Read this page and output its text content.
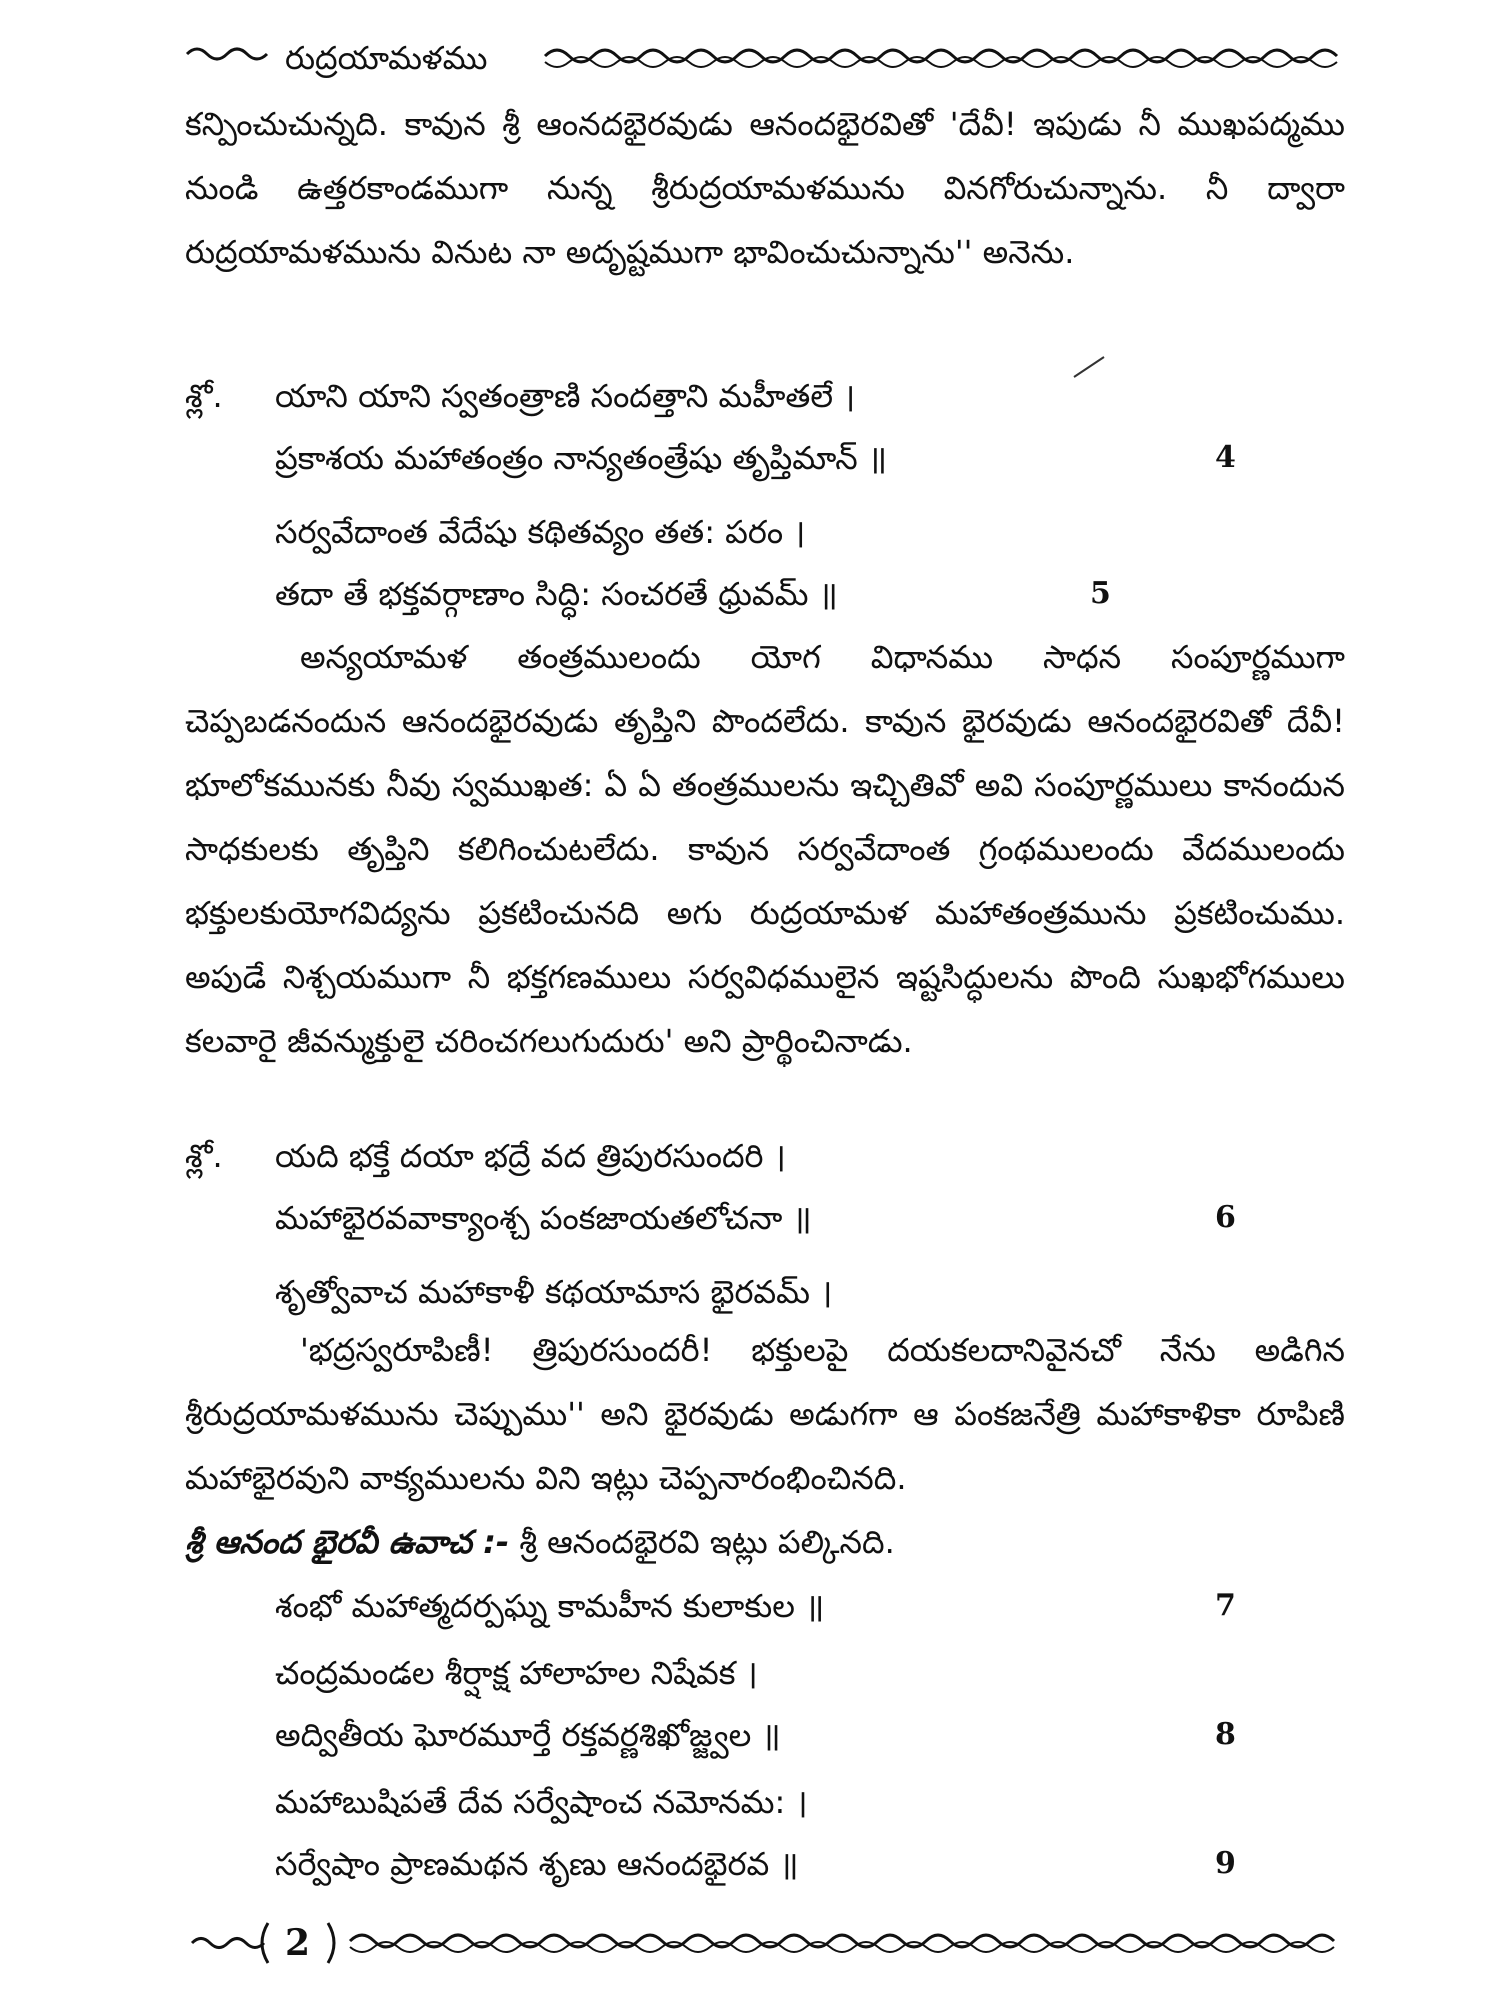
రుద్రయామళము

కన్పించుచున్నది. కావున శ్రీ ఆంనదభైరవుడు ఆనందభైరవితో 'దేవీ! ఇపుడు నీ ముఖపద్మము నుండి ఉత్తరకాండముగా నున్న శ్రీరుద్రయామళమును వినగోరుచున్నాను. నీ ద్వారా రుద్రయామళమును వినుట నా అదృష్టముగా భావించుచున్నాను'' అనెను.

శ్లో. యాని యాని స్వతంత్రాణి సందత్తాని మహీతలే ।
ప్రకాశయ మహాతంత్రం నాన్యతంత్రేషు తృప్తిమాన్ ॥	4
సర్వవేదాంత వేదేషు కథితవ్యం తత: పరం ।
తదా తే భక్తవర్గాణాం సిద్ధి: సంచరతే ధ్రువమ్ ॥	5

అన్యయామళ తంత్రములందు యోగ విధానము సాధన సంపూర్ణముగా చెప్పబడనందున ఆనందభైరవుడు తృప్తిని పొందలేదు. కావున భైరవుడు ఆనందభైరవితో దేవీ! భూలోకమునకు నీవు స్వముఖత: ఏ ఏ తంత్రములను ఇచ్చితివో అవి సంపూర్ణములు కానందున సాధకులకు తృప్తిని కలిగించుటలేదు. కావున సర్వవేదాంత గ్రంథములందు వేదములందు భక్తులకుయోగవిద్యను ప్రకటించునది అగు రుద్రయామళ మహాతంత్రమును ప్రకటించుము. అపుడే నిశ్చయముగా నీ భక్తగణములు సర్వవిధములైన ఇష్టసిద్ధులను పొంది సుఖభోగములు కలవారై జీవన్ముక్తులై చరించగలుగుదురు' అని ప్రార్థించినాడు.

శ్లో. యది భక్తే దయా భద్రే వద త్రిపురసుందరి ।
మహాభైరవవాక్యాంశ్చ పంకజాయతలోచనా ॥	6
శృత్వోవాచ మహాకాళీ కథయామాస భైరవమ్ ।

'భద్రస్వరూపిణీ! త్రిపురసుందరీ! భక్తులపై దయకలదానివైనచో నేను అడిగిన శ్రీరుద్రయామళమును చెప్పుము'' అని భైరవుడు అడుగగా ఆ పంకజనేత్రి మహాకాళికా రూపిణి మహాభైరవుని వాక్యములను విని ఇట్లు చెప్పనారంభించినది.

శ్రీ ఆనంద భైరవీ ఉవాచ :- శ్రీ ఆనందభైరవి ఇట్లు పల్కినది.
శంభో మహాత్మదర్పఘ్న కామహీన కులాకుల ॥	7
చంద్రమండల శీర్షాక్ష హాలాహల నిషేవక ।
అద్వితీయ ఘోరమూర్తే రక్తవర్ణశిఖోజ్జ్వల ॥	8
మహాబుషిపతే దేవ సర్వేషాంచ నమోనమ: ।
సర్వేషాం ప్రాణమథన శృణు ఆనందభైరవ ॥	9
2
